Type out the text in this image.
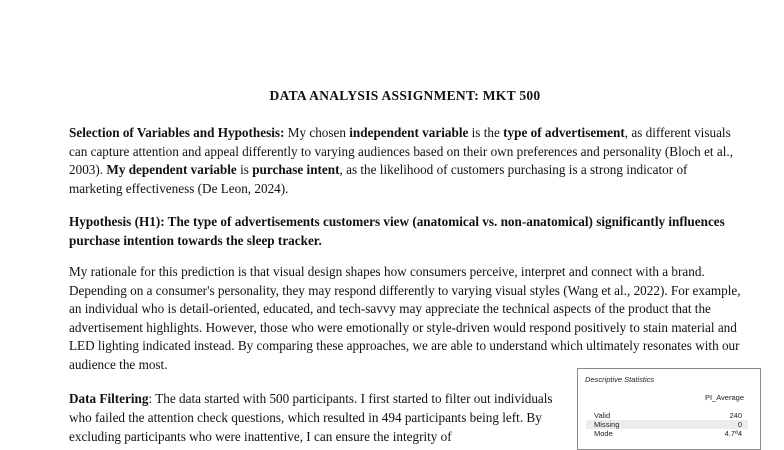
DATA ANALYSIS ASSIGNMENT: MKT 500

Selection of Variables and Hypothesis: My chosen independent variable is the type of advertisement, as different visuals can capture attention and appeal differently to varying audiences based on their own preferences and personality (Bloch et al., 2003). My dependent variable is purchase intent, as the likelihood of customers purchasing is a strong indicator of marketing effectiveness (De Leon, 2024).

Hypothesis (H1): The type of advertisements customers view (anatomical vs. non-anatomical) significantly influences purchase intention towards the sleep tracker.

My rationale for this prediction is that visual design shapes how consumers perceive, interpret and connect with a brand. Depending on a consumer's personality, they may respond differently to varying visual styles (Wang et al., 2022). For example, an individual who is detail-oriented, educated, and tech-savvy may appreciate the technical aspects of the product that the advertisement highlights. However, those who were emotionally or style-driven would respond positively to stain material and LED lighting indicated instead. By comparing these approaches, we are able to understand which ultimately resonates with our audience the most.

Data Filtering: The data started with 500 participants. I first started to filter out individuals who failed the attention check questions, which resulted in 494 participants being left. By excluding participants who were inattentive, I can ensure the integrity of

Descriptive Statistics
PI_Average
Valid	240
Missing	0
Mode	4.7ª4
